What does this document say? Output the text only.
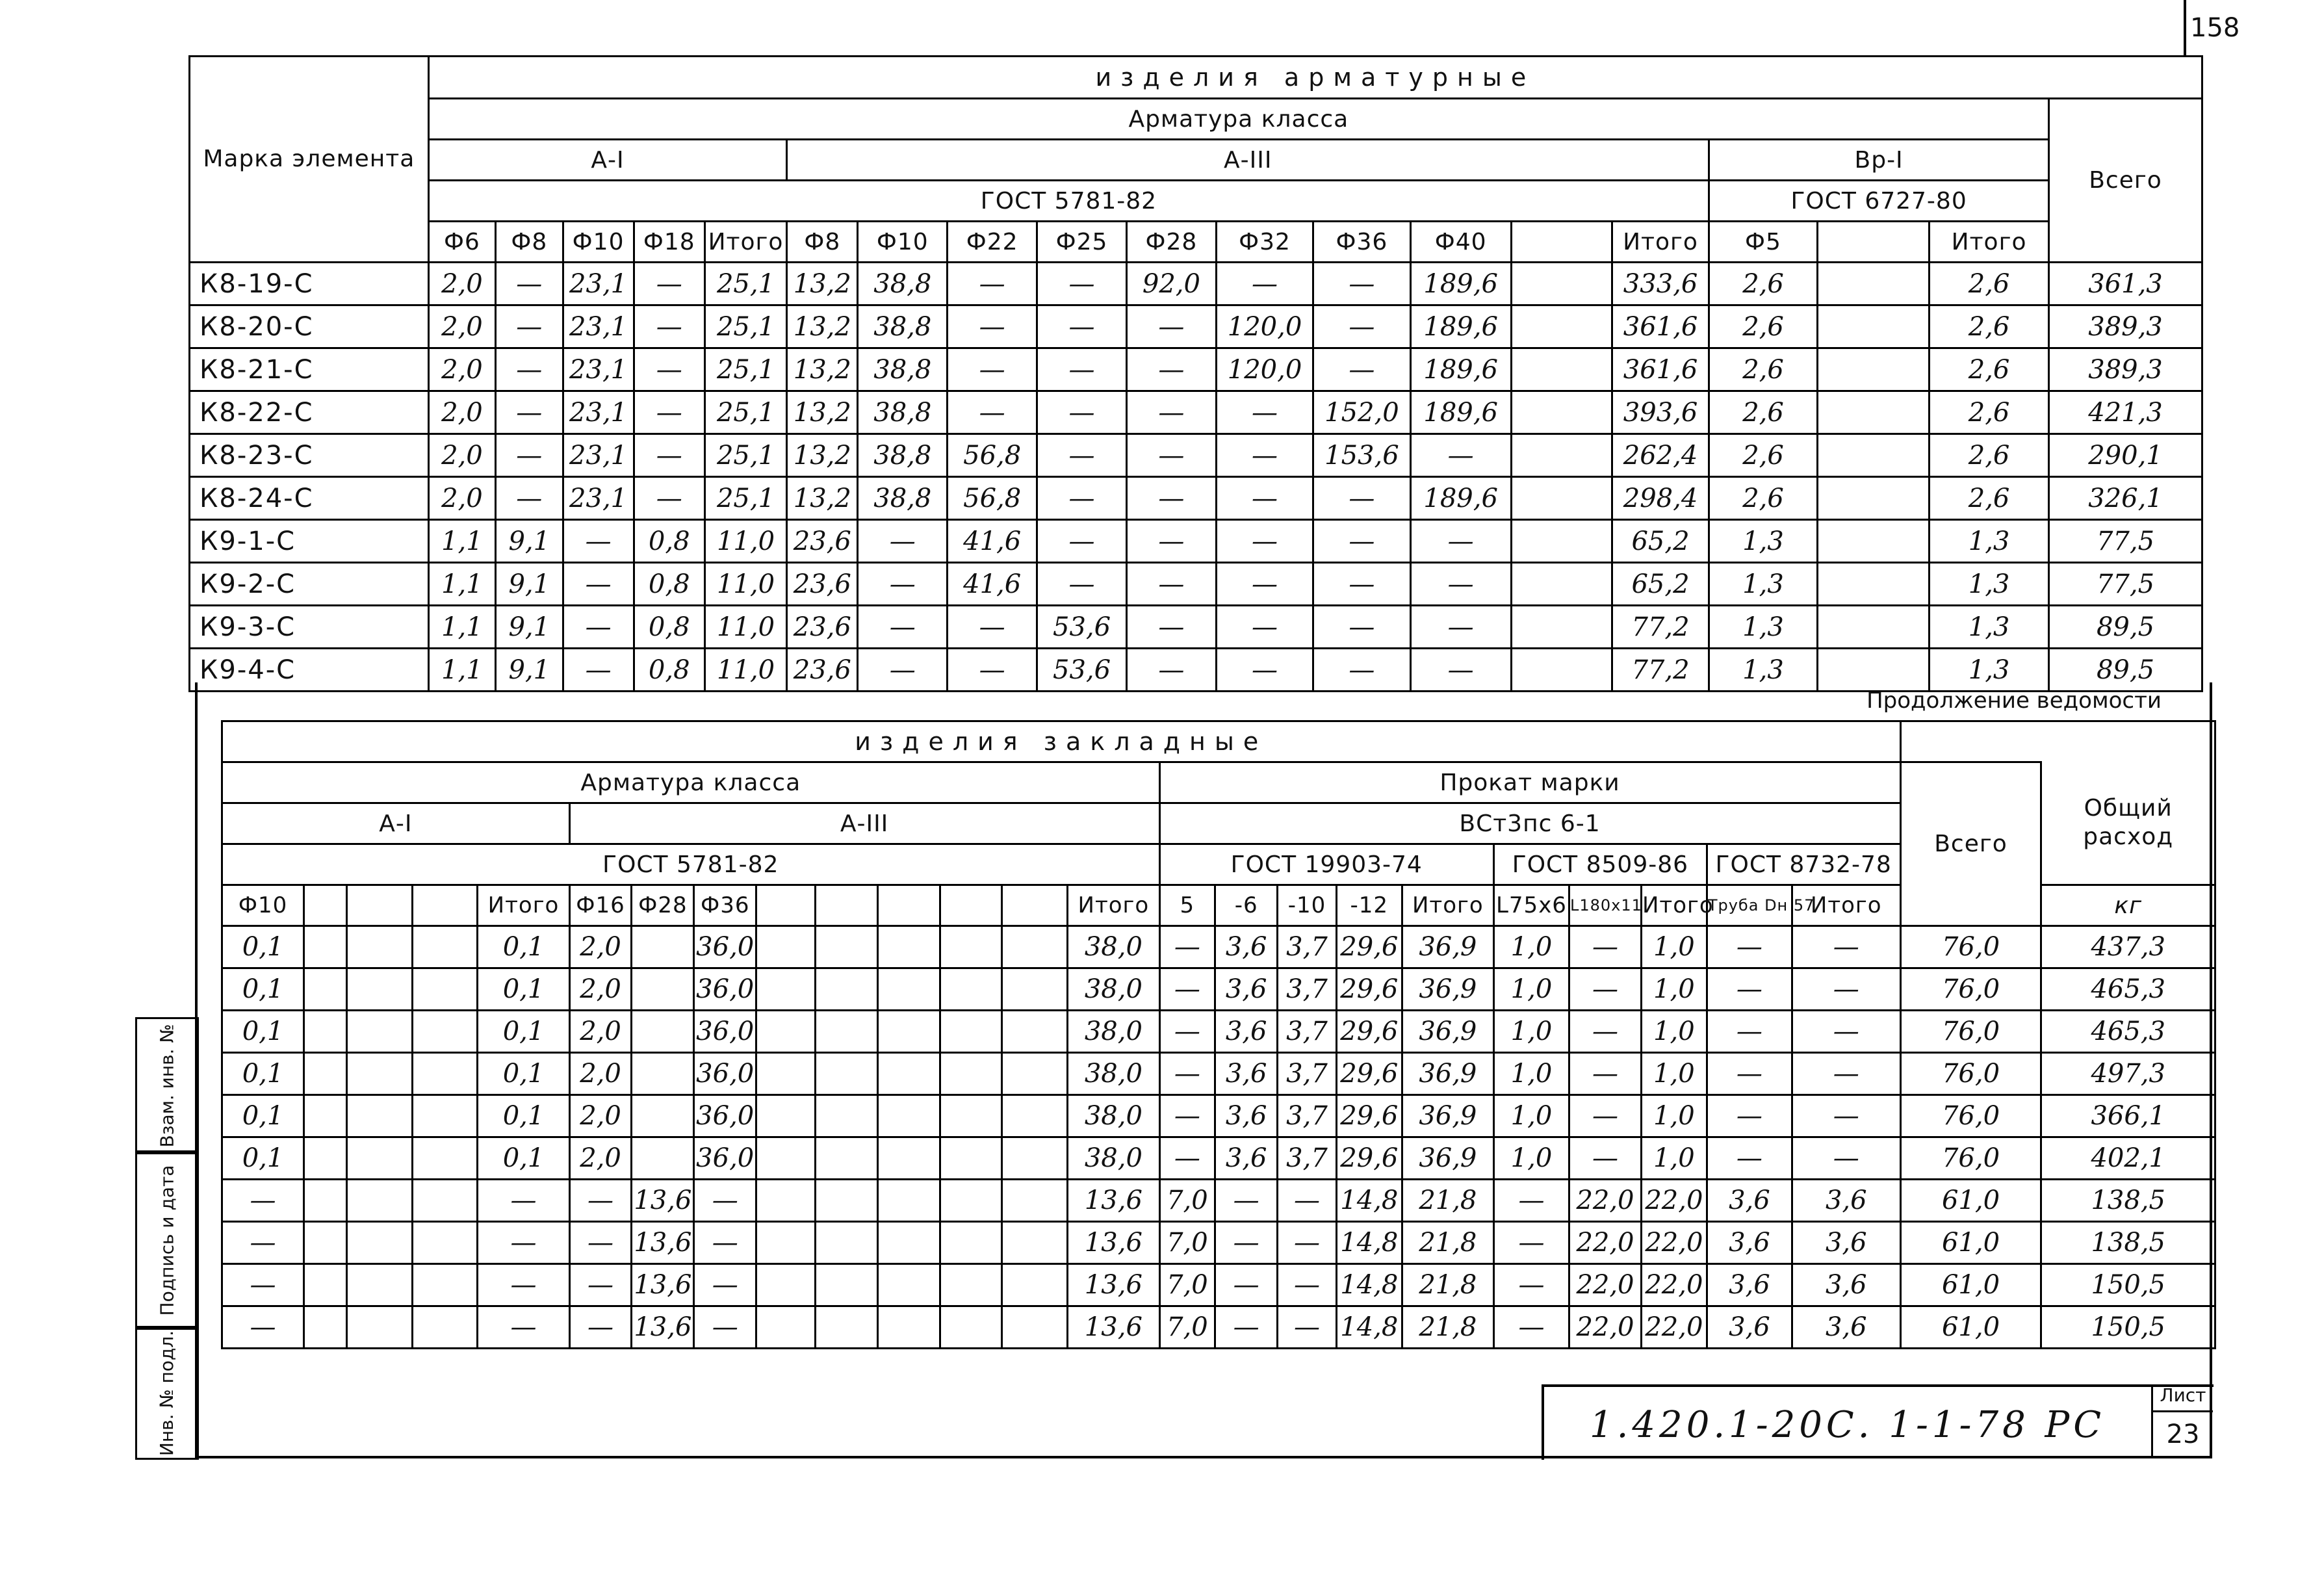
158
Марка элемента	изделия арматурные																		
	Арматура класса																		Всего
	А-I					А-III										Вр-I			
	ГОСТ 5781-82															ГОСТ 6727-80			
	Ф6	Ф8	Ф10	Ф18	Итого	Ф8	Ф10	Ф22	Ф25	Ф28	Ф32	Ф36	Ф40		Итого	Ф5		Итого	
К8-19-С	2,0	—	23,1	—	25,1	13,2	38,8	—	—	92,0	—	—	189,6		333,6	2,6		2,6	361,3
К8-20-С	2,0	—	23,1	—	25,1	13,2	38,8	—	—	—	120,0	—	189,6		361,6	2,6		2,6	389,3
К8-21-С	2,0	—	23,1	—	25,1	13,2	38,8	—	—	—	120,0	—	189,6		361,6	2,6		2,6	389,3
К8-22-С	2,0	—	23,1	—	25,1	13,2	38,8	—	—	—	—	152,0	189,6		393,6	2,6		2,6	421,3
К8-23-С	2,0	—	23,1	—	25,1	13,2	38,8	56,8	—	—	—	153,6	—		262,4	2,6		2,6	290,1
К8-24-С	2,0	—	23,1	—	25,1	13,2	38,8	56,8	—	—	—	—	189,6		298,4	2,6		2,6	326,1
К9-1-С	1,1	9,1	—	0,8	11,0	23,6	—	41,6	—	—	—	—	—		65,2	1,3		1,3	77,5
К9-2-С	1,1	9,1	—	0,8	11,0	23,6	—	41,6	—	—	—	—	—		65,2	1,3		1,3	77,5
К9-3-С	1,1	9,1	—	0,8	11,0	23,6	—	—	53,6	—	—	—	—		77,2	1,3		1,3	89,5
К9-4-С	1,1	9,1	—	0,8	11,0	23,6	—	—	53,6	—	—	—	—		77,2	1,3		1,3	89,5
Продолжение ведомости
изделия закладные																									
Арматура класса														Прокат марки										Всего	Общий расход
А-I					А-III									ВСт3пс 6-1											
ГОСТ 5781-82														ГОСТ 19903-74					ГОСТ 8509-86			ГОСТ 8732-78			
Ф10				Итого	Ф16	Ф28	Ф36						Итого	5	-6	-10	-12	Итого	L75x6	L180x11	Итого	Труба Dн 57	Итого		кг
0,1				0,1	2,0		36,0						38,0	—	3,6	3,7	29,6	36,9	1,0	—	1,0	—	—	76,0	437,3
0,1				0,1	2,0		36,0						38,0	—	3,6	3,7	29,6	36,9	1,0	—	1,0	—	—	76,0	465,3
0,1				0,1	2,0		36,0						38,0	—	3,6	3,7	29,6	36,9	1,0	—	1,0	—	—	76,0	465,3
0,1				0,1	2,0		36,0						38,0	—	3,6	3,7	29,6	36,9	1,0	—	1,0	—	—	76,0	497,3
0,1				0,1	2,0		36,0						38,0	—	3,6	3,7	29,6	36,9	1,0	—	1,0	—	—	76,0	366,1
0,1				0,1	2,0		36,0						38,0	—	3,6	3,7	29,6	36,9	1,0	—	1,0	—	—	76,0	402,1
—				—	—	13,6	—						13,6	7,0	—	—	14,8	21,8	—	22,0	22,0	3,6	3,6	61,0	138,5
—				—	—	13,6	—						13,6	7,0	—	—	14,8	21,8	—	22,0	22,0	3,6	3,6	61,0	138,5
—				—	—	13,6	—						13,6	7,0	—	—	14,8	21,8	—	22,0	22,0	3,6	3,6	61,0	150,5
—				—	—	13,6	—						13,6	7,0	—	—	14,8	21,8	—	22,0	22,0	3,6	3,6	61,0	150,5
Взам. инв. №
Подпись и дата
Инв. № подл.	1.420.1-20С. 1-1-78 РС
Лист
23
